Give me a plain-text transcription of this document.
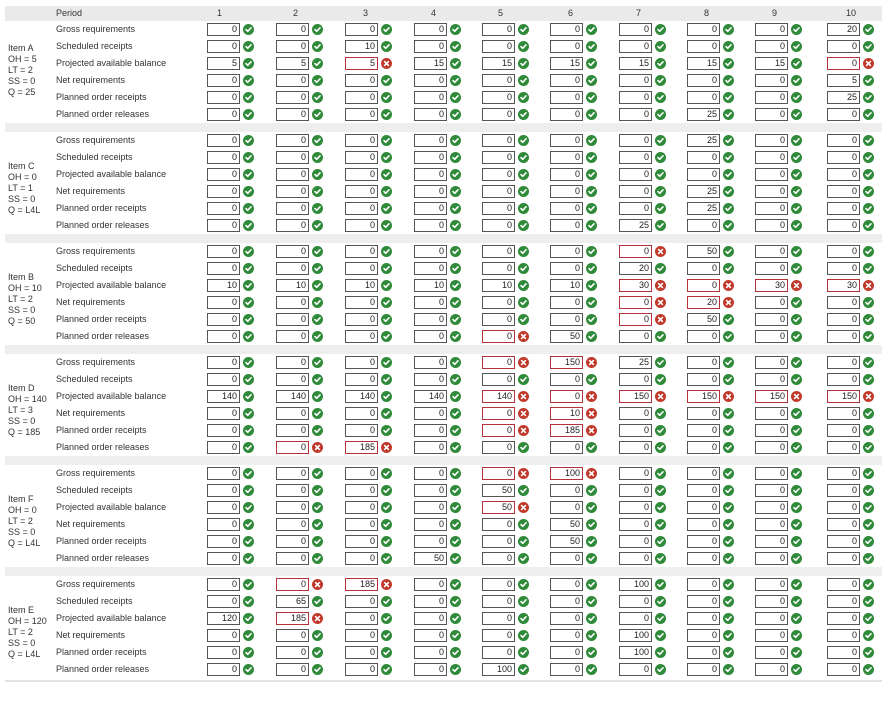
Period	1	2	3	4	5	6	7	8	9	10
Item A
OH = 5
LT = 2
SS = 0
Q = 25
Gross requirements	0	0	0	0	0	0	0	0	0	20
Scheduled receipts	0	0	10	0	0	0	0	0	0	0
Projected available balance	5	5	5	15	15	15	15	15	15	0
Net requirements	0	0	0	0	0	0	0	0	0	5
Planned order receipts	0	0	0	0	0	0	0	0	0	25
Planned order releases	0	0	0	0	0	0	0	25	0	0
Item C
OH = 0
LT = 1
SS = 0
Q = L4L
Gross requirements	0	0	0	0	0	0	0	25	0	0
Scheduled receipts	0	0	0	0	0	0	0	0	0	0
Projected available balance	0	0	0	0	0	0	0	0	0	0
Net requirements	0	0	0	0	0	0	0	25	0	0
Planned order receipts	0	0	0	0	0	0	0	25	0	0
Planned order releases	0	0	0	0	0	0	25	0	0	0
Item B
OH = 10
LT = 2
SS = 0
Q = 50
Gross requirements	0	0	0	0	0	0	0	50	0	0
Scheduled receipts	0	0	0	0	0	0	20	0	0	0
Projected available balance	10	10	10	10	10	10	30	0	30	30
Net requirements	0	0	0	0	0	0	0	20	0	0
Planned order receipts	0	0	0	0	0	0	0	50	0	0
Planned order releases	0	0	0	0	0	50	0	0	0	0
Item D
OH = 140
LT = 3
SS = 0
Q = 185
Gross requirements	0	0	0	0	0	150	25	0	0	0
Scheduled receipts	0	0	0	0	0	0	0	0	0	0
Projected available balance	140	140	140	140	140	0	150	150	150	150
Net requirements	0	0	0	0	0	10	0	0	0	0
Planned order receipts	0	0	0	0	0	185	0	0	0	0
Planned order releases	0	0	185	0	0	0	0	0	0	0
Item F
OH = 0
LT = 2
SS = 0
Q = L4L
Gross requirements	0	0	0	0	0	100	0	0	0	0
Scheduled receipts	0	0	0	0	50	0	0	0	0	0
Projected available balance	0	0	0	0	50	0	0	0	0	0
Net requirements	0	0	0	0	0	50	0	0	0	0
Planned order receipts	0	0	0	0	0	50	0	0	0	0
Planned order releases	0	0	0	50	0	0	0	0	0	0
Item E
OH = 120
LT = 2
SS = 0
Q = L4L
Gross requirements	0	0	185	0	0	0	100	0	0	0
Scheduled receipts	0	65	0	0	0	0	0	0	0	0
Projected available balance	120	185	0	0	0	0	0	0	0	0
Net requirements	0	0	0	0	0	0	100	0	0	0
Planned order receipts	0	0	0	0	0	0	100	0	0	0
Planned order releases	0	0	0	0	100	0	0	0	0	0
